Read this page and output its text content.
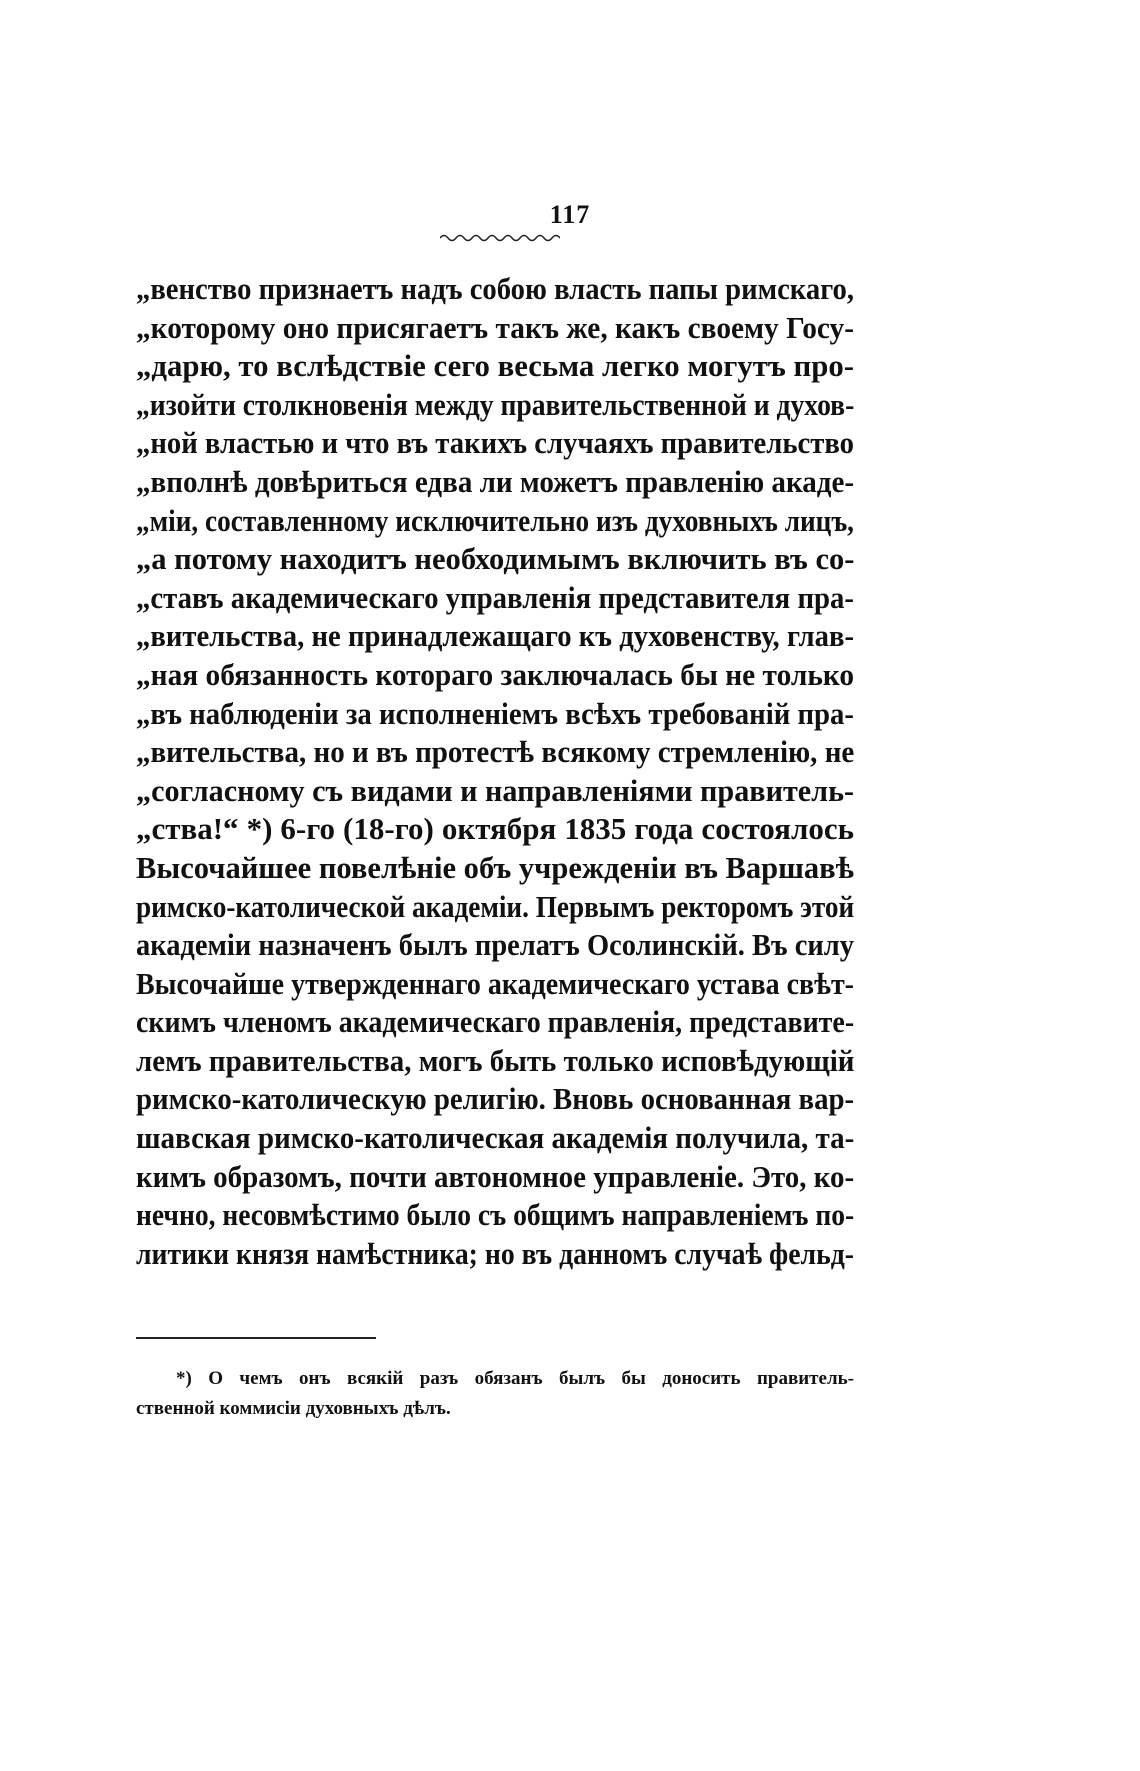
117
„венство признаетъ надъ собою власть папы римскаго,
„которому оно присягаетъ такъ же, какъ своему Госу-
„дарю, то вслѣдствіе сего весьма легко могутъ про-
„изойти столкновенія между правительственной и духов-
„ной властью и что въ такихъ случаяхъ правительство
„вполнѣ довѣриться едва ли можетъ правленію акаде-
„міи, составленному исключительно изъ духовныхъ лицъ,
„а потому находитъ необходимымъ включить въ со-
„ставъ академическаго управленія представителя пра-
„вительства, не принадлежащаго къ духовенству, глав-
„ная обязанность котораго заключалась бы не только
„въ наблюденіи за исполненіемъ всѣхъ требованій пра-
„вительства, но и въ протестѣ всякому стремленію, не
„согласному съ видами и направленіями правитель-
„ства!“ *) 6-го (18-го) октября 1835 года состоялось
Высочайшее повелѣніе объ учрежденіи въ Варшавѣ
римско-католической академіи. Первымъ ректоромъ этой
академіи назначенъ былъ прелатъ Осолинскій. Въ силу
Высочайше утвержденнаго академическаго устава свѣт-
скимъ членомъ академическаго правленія, представите-
лемъ правительства, могъ быть только исповѣдующій
римско-католическую религію. Вновь основанная вар-
шавская римско-католическая академія получила, та-
кимъ образомъ, почти автономное управленіе. Это, ко-
нечно, несовмѣстимо было съ общимъ направленіемъ по-
литики князя намѣстника; но въ данномъ случаѣ фельд-
*) О чемъ онъ всякій разъ обязанъ былъ бы доносить правитель-
ственной коммисіи духовныхъ дѣлъ.
